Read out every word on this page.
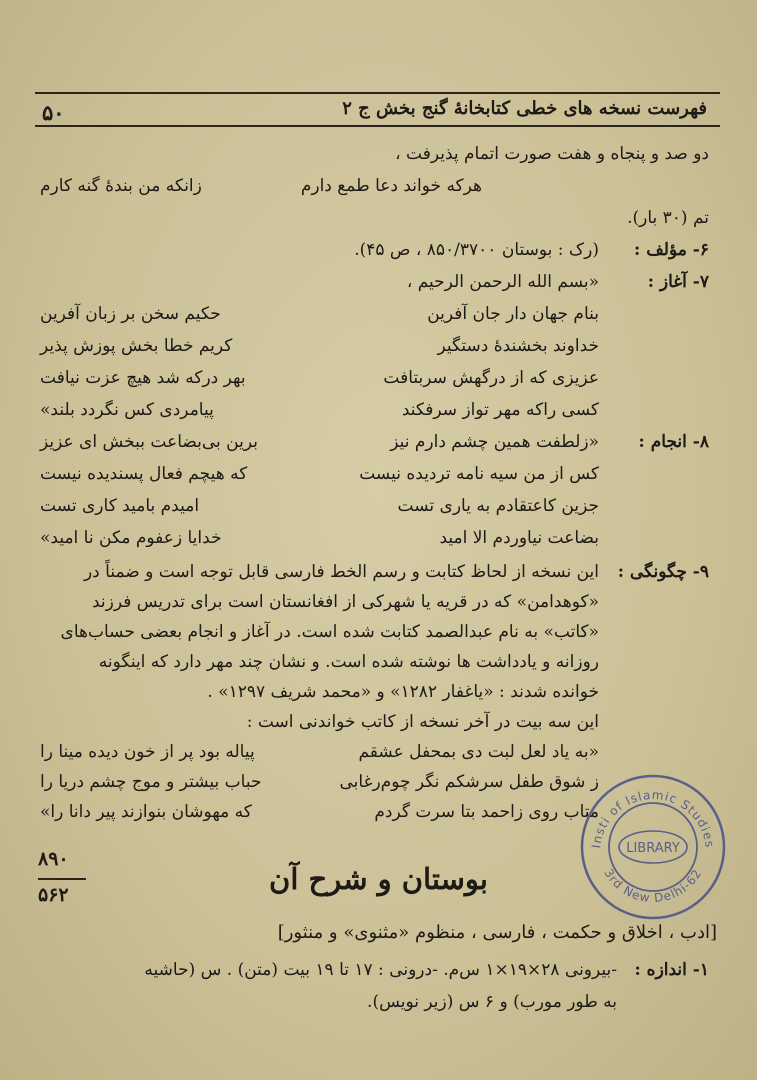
۵۰	فهرست نسخه های خطی کتابخانهٔ گنج بخش ج ۲
دو صد و پنجاه و هفت صورت اتمام پذیرفت ،
هرکه خواند دعا طمع دارم
زانکه من بندهٔ گنه کارم
تم (۳۰ بار).
۶- مؤلف :
(رک : بوستان ۸۵۰/۳۷۰۰ ، ص ۴۵).
۷- آغاز :
«بسم الله الرحمن الرحیم ،
بنام جهان دار جان آفرین
حکیم سخن بر زبان آفرین
خداوند بخشندهٔ دستگیر
کریم خطا بخش پوزش پذیر
عزیزی که از درگهش سربتافت
بهر درکه شد هیچ عزت نیافت
کسی راکه مهر تواز سرفکند
پیامردی کس نگردد بلند»
۸- انجام :
«زلطفت همین چشم دارم نیز
برین بی‌بضاعت ببخش ای عزیز
کس از من سیه نامه تردیده نیست
که هیچم فعال پسندیده نیست
جزین کاعتقادم به یاری تست
امیدم بامید کاری تست
بضاعت نیاوردم الا امید
خدایا زعفوم مکن نا امید»
۹- چگونگی :
این نسخه از لحاظ کتابت و رسم الخط فارسی قابل توجه است و ضمناً در
«کوهدامن» که در قریه یا شهرکی از افغانستان است برای تدریس فرزند
«کاتب» به نام عبدالصمد کتابت شده است. در آغاز و انجام بعضی حساب‌های
روزانه و یادداشت ها نوشته شده است. و نشان چند مهر دارد که اینگونه
خوانده شدند : «یاغفار ۱۲۸۲» و «محمد شریف ۱۲۹۷» .
این سه بیت در آخر نسخه از کاتب خواندنی است :
«به یاد لعل لبت دی بمحفل عشقم
پیاله بود پر از خون دیده مینا را
ز شوق طفل سرشکم نگر چوم‌رغابی
حباب بیشتر و موج چشم دریا را
متاب روی زاحمد بتا سرت گردم
که مهوشان بنوازند پیر دانا را»
Insti of Islamic Studies
LIBRARY
3rd New Delhi-62
۸۹۰
۵۶۲	بوستان و شرح آن
[ادب ، اخلاق و حکمت ، فارسی ، منظوم «مثنوی» و منثور]
۱- اندازه :
-بیرونی ۲۸×۱۹×۱ س‌م. -درونی : ۱۷ تا ۱۹ بیت (متن) . س (حاشیه
به طور مورب) و ۶ س (زیر نویس).
